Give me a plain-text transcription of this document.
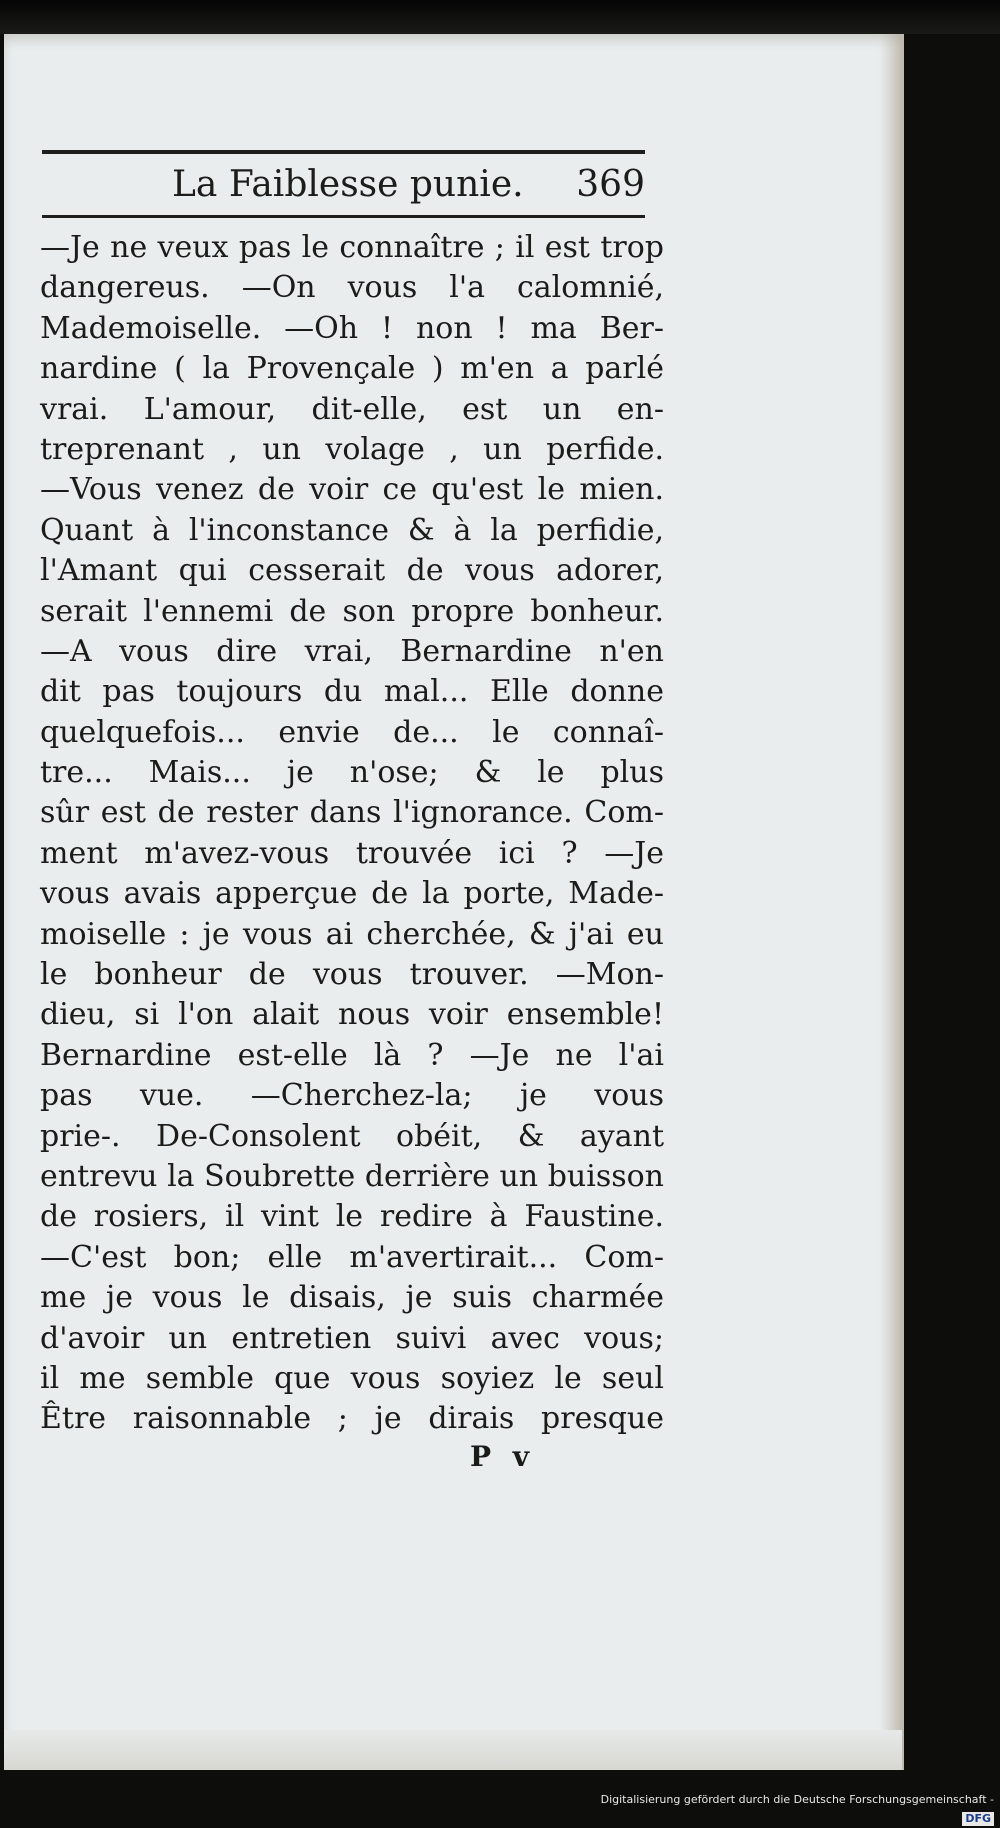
La Faiblesse punie. 369
—Je ne veux pas le connaître ; il est trop
dangereus. —On vous l'a calomnié,
Mademoiselle. —Oh ! non ! ma Ber-
nardine ( la Provençale ) m'en a parlé
vrai. L'amour, dit-elle, est un en-
treprenant , un volage , un perfide.
—Vous venez de voir ce qu'est le mien.
Quant à l'inconstance & à la perfidie,
l'Amant qui cesserait de vous adorer,
serait l'ennemi de son propre bonheur.
—A vous dire vrai, Bernardine n'en
dit pas toujours du mal... Elle donne
quelquefois... envie de... le connaî-
tre... Mais... je n'ose; & le plus
sûr est de rester dans l'ignorance. Com-
ment m'avez-vous trouvée ici ? —Je
vous avais apperçue de la porte, Made-
moiselle : je vous ai cherchée, & j'ai eu
le bonheur de vous trouver. —Mon-
dieu, si l'on alait nous voir ensemble!
Bernardine est-elle là ? —Je ne l'ai
pas vue. —Cherchez-la; je vous
prie-. De-Consolent obéit, & ayant
entrevu la Soubrette derrière un buisson
de rosiers, il vint le redire à Faustine.
—C'est bon; elle m'avertirait... Com-
me je vous le disais, je suis charmée
d'avoir un entretien suivi avec vous;
il me semble que vous soyiez le seul
Être raisonnable ; je dirais presque
P v
Digitalisierung gefördert durch die Deutsche Forschungsgemeinschaft -DFG
